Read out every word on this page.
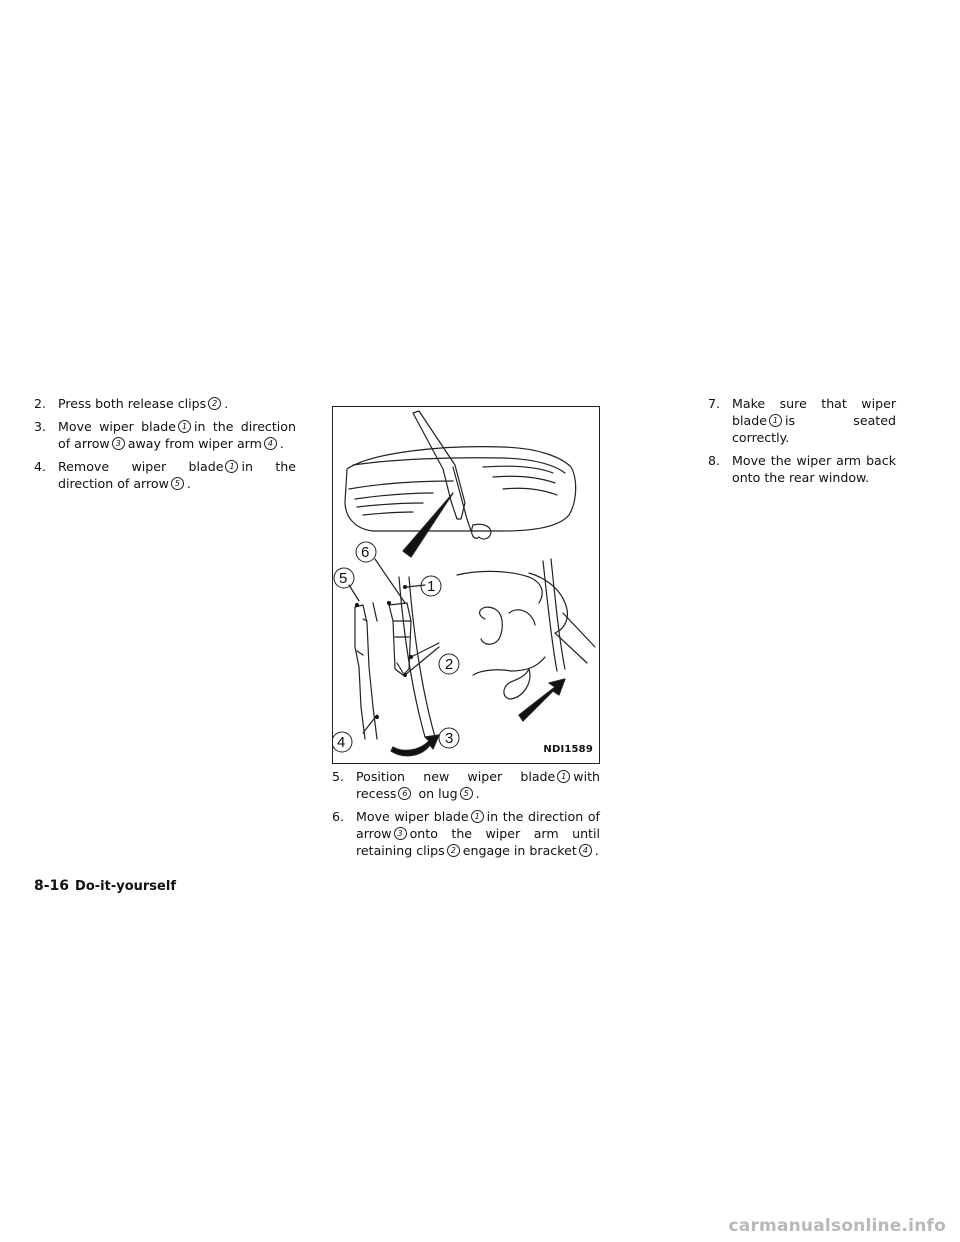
2. Press both release clips 2 .

3. Move wiper blade 1 in the direction of arrow 3 away from wiper arm 4 .

4. Remove wiper blade 1 in the direction of arrow 5 .

1
2
3
4
5
6
NDI1589

5. Position new wiper blade 1 with recess 6 on lug 5 .

6. Move wiper blade 1 in the direction of arrow 3 onto the wiper arm until retaining clips 2 engage in bracket 4 .

7. Make sure that wiper blade 1 is seated correctly.

8. Move the wiper arm back onto the rear window.

8-16 Do-it-yourself
carmanualsonline.info
